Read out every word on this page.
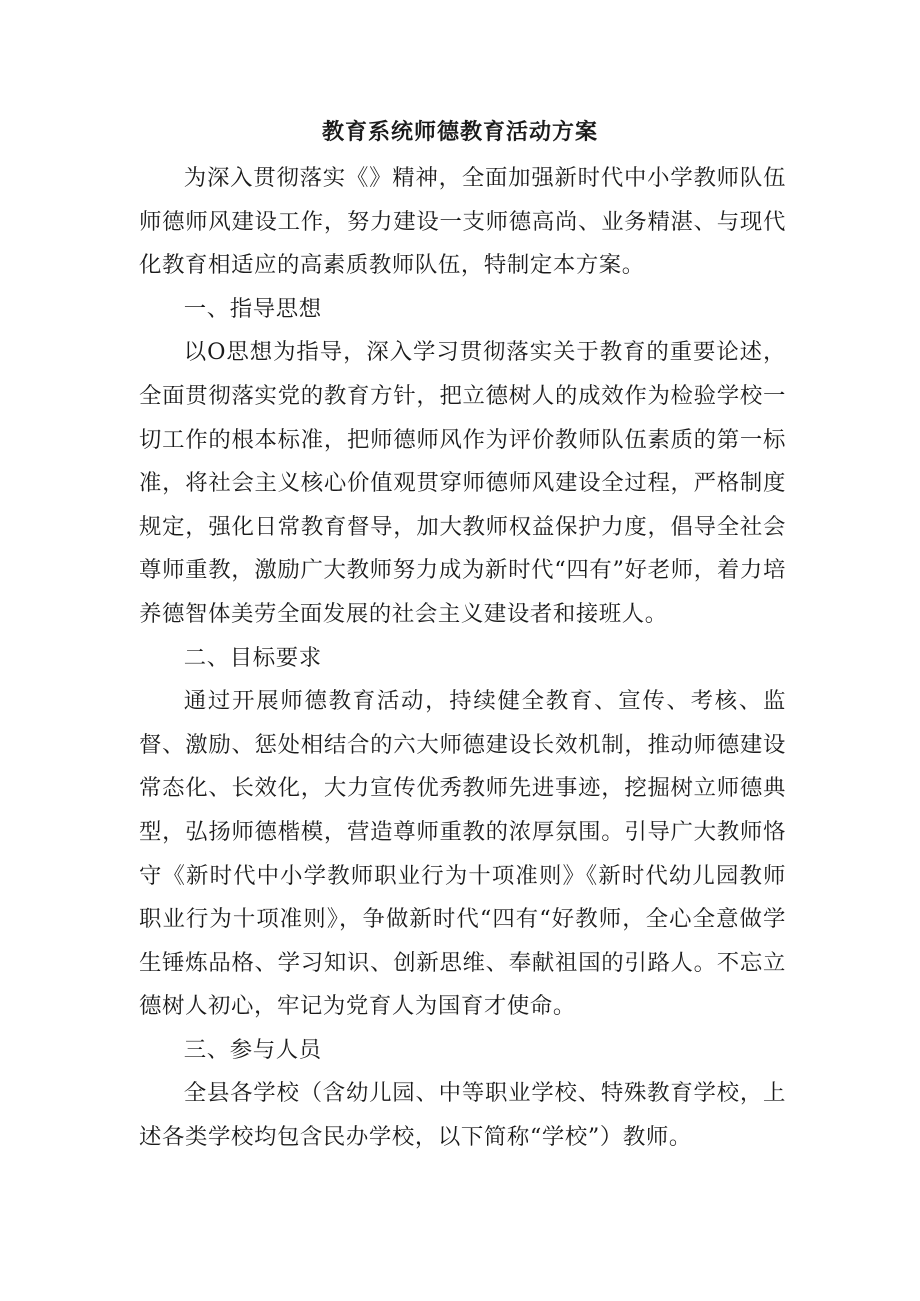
教育系统师德教育活动方案

为深入贯彻落实《》精神，全面加强新时代中小学教师队伍师德师风建设工作，努力建设一支师德高尚、业务精湛、与现代化教育相适应的高素质教师队伍，特制定本方案。

一、指导思想

以O思想为指导，深入学习贯彻落实关于教育的重要论述，全面贯彻落实党的教育方针，把立德树人的成效作为检验学校一切工作的根本标准，把师德师风作为评价教师队伍素质的第一标准，将社会主义核心价值观贯穿师德师风建设全过程，严格制度规定，强化日常教育督导，加大教师权益保护力度，倡导全社会尊师重教，激励广大教师努力成为新时代“四有”好老师，着力培养德智体美劳全面发展的社会主义建设者和接班人。

二、目标要求

通过开展师德教育活动，持续健全教育、宣传、考核、监督、激励、惩处相结合的六大师德建设长效机制，推动师德建设常态化、长效化，大力宣传优秀教师先进事迹，挖掘树立师德典型，弘扬师德楷模，营造尊师重教的浓厚氛围。引导广大教师恪守《新时代中小学教师职业行为十项准则》《新时代幼儿园教师职业行为十项准则》，争做新时代“四有“好教师，全心全意做学生锤炼品格、学习知识、创新思维、奉献祖国的引路人。不忘立德树人初心，牢记为党育人为国育才使命。

三、参与人员

全县各学校（含幼儿园、中等职业学校、特殊教育学校，上述各类学校均包含民办学校，以下简称“学校”）教师。
